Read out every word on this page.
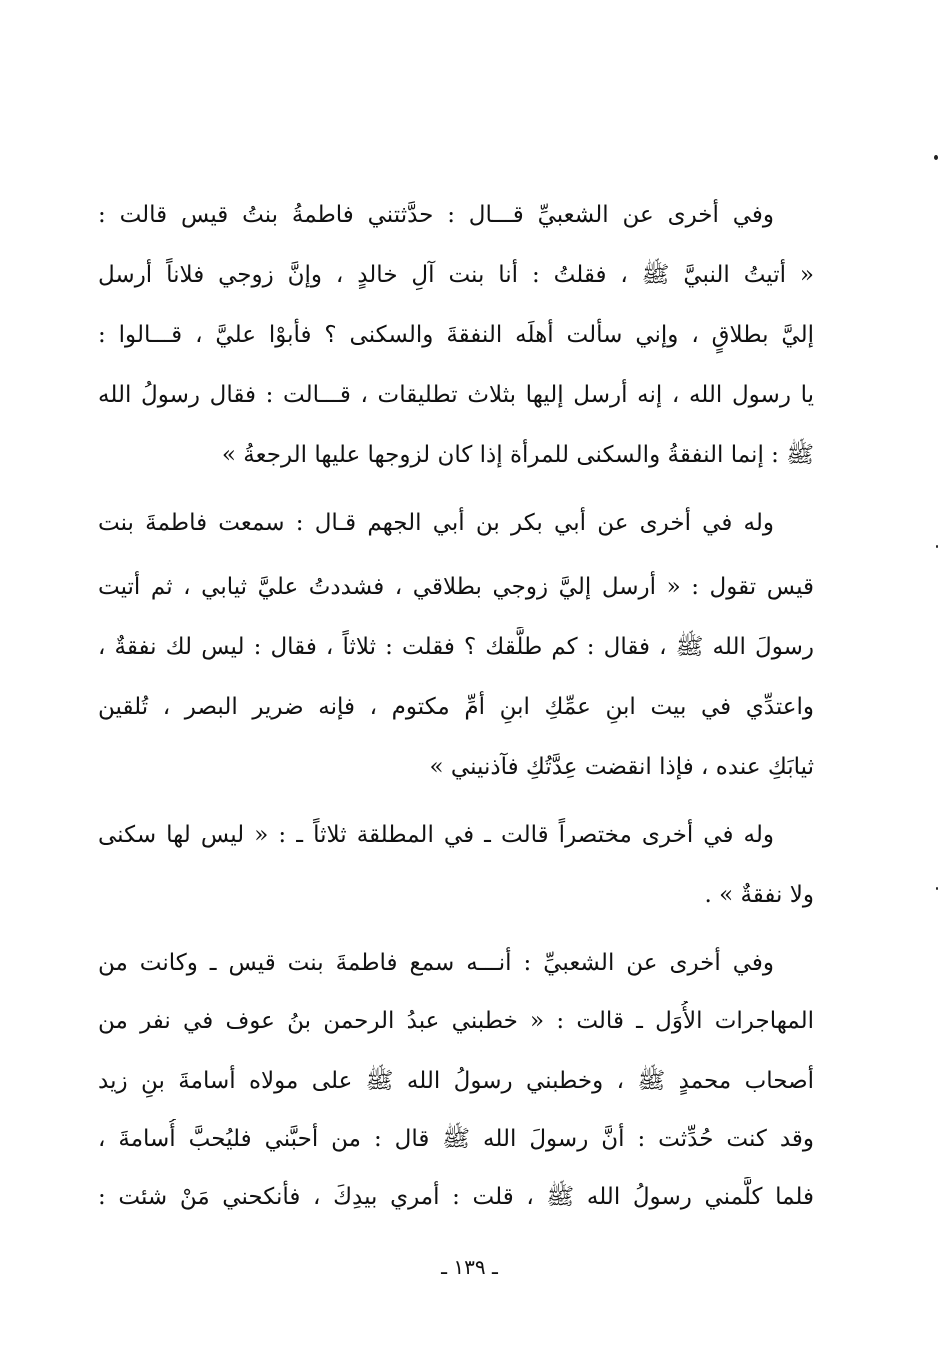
وفي أخرى عن الشعبيِّ قـــال : حدَّثتني فاطمةُ بنتُ قيس قالت :
« أتيتُ النبيَّ ﷺ ، فقلتُ : أنا بنت آلِ خالدٍ ، وإنَّ زوجي فلاناً أرسل
إليَّ بطلاقٍ ، وإني سألت أهلَه النفقةَ والسكنى ؟ فأبوْا عليَّ ، قـــالوا :
يا رسول الله ، إنه أرسل إليها بثلاث تطليقات ، قـــالت : فقال رسولُ الله
ﷺ : إنما النفقةُ والسكنى للمرأة إذا كان لزوجها عليها الرجعةُ »
وله في أخرى عن أبي بكر بن أبي الجهم قـال : سمعت فاطمةَ بنت
قيس تقول : « أرسل إليَّ زوجي بطلاقي ، فشددتُ عليَّ ثيابي ، ثم أتيت
رسولَ الله ﷺ ، فقال : كم طلَّقك ؟ فقلت : ثلاثاً ، فقال : ليس لك نفقةٌ ،
واعتدِّي في بيت ابنِ عمِّكِ ابنِ أمِّ مكتوم ، فإنه ضرير البصر ، تُلقين
ثيابَكِ عنده ، فإذا انقضت عِدَّتُكِ فآذنيني »
وله في أخرى مختصراً قالت ـ في المطلقة ثلاثاً ـ : « ليس لها سكنى
ولا نفقةٌ » .
وفي أخرى عن الشعبيِّ : أنـــه سمع فاطمةَ بنت قيس ـ وكانت من
المهاجرات الأُوَل ـ قالت : « خطبني عبدُ الرحمن بنُ عوف في نفر من
أصحاب محمدٍ ﷺ ، وخطبني رسولُ الله ﷺ على مولاه أسامةَ بنِ زيد
وقد كنت حُدِّثت : أنَّ رسولَ الله ﷺ قال : من أحبَّني فليُحبَّ أُسامةَ ،
فلما كلَّمني رسولُ الله ﷺ ، قلت : أمري بيدِكَ ، فأنكحني مَنْ شئت :
ـ ١٣٩ ـ
